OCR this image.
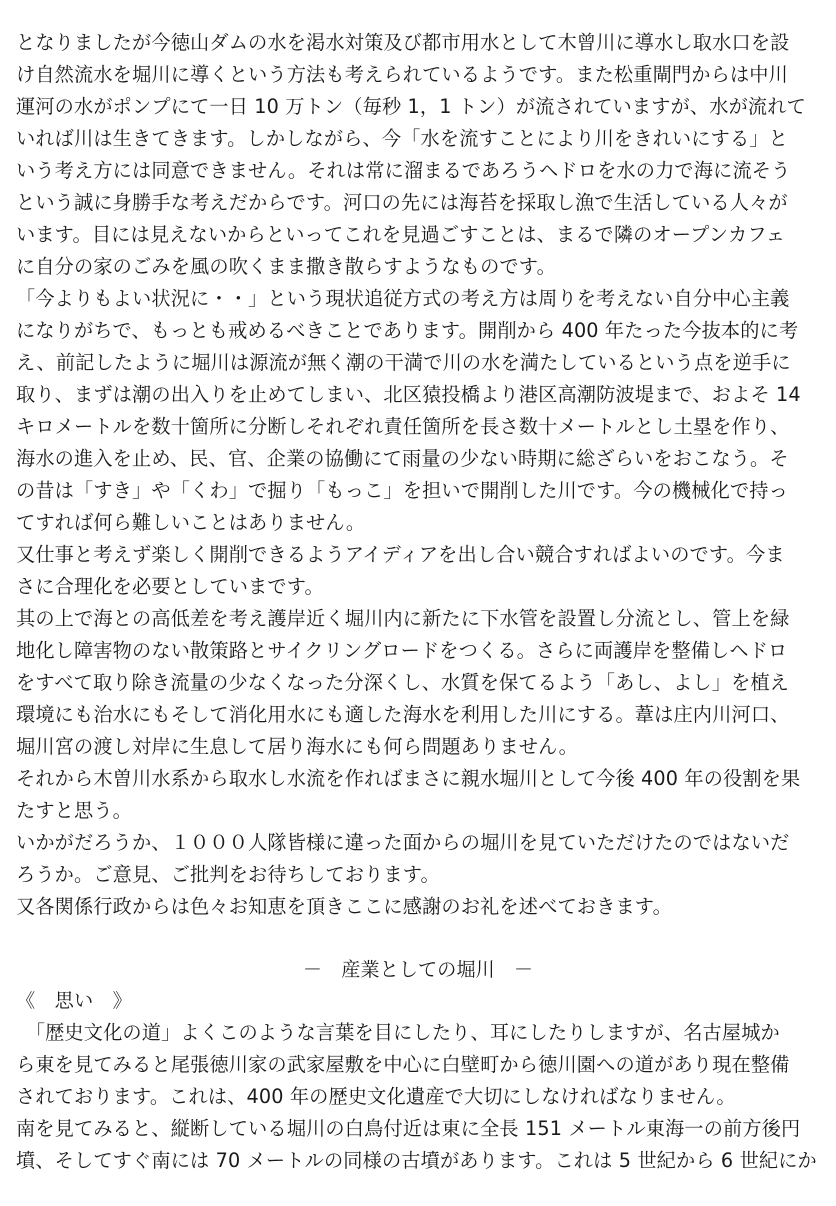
となりましたが今徳山ダムの水を渇水対策及び都市用水として木曾川に導水し取水口を設
け自然流水を堀川に導くという方法も考えられているようです。また松重閘門からは中川
運河の水がポンプにて一日 10 万トン（毎秒 1，1 トン）が流されていますが、水が流れて
いれば川は生きてきます。しかしながら、今「水を流すことにより川をきれいにする」と
いう考え方には同意できません。それは常に溜まるであろうヘドロを水の力で海に流そう
という誠に身勝手な考えだからです。河口の先には海苔を採取し漁で生活している人々が
います。目には見えないからといってこれを見過ごすことは、まるで隣のオープンカフェ
に自分の家のごみを風の吹くまま撒き散らすようなものです。
「今よりもよい状況に・・」という現状追従方式の考え方は周りを考えない自分中心主義
になりがちで、もっとも戒めるべきことであります。開削から 400 年たった今抜本的に考
え、前記したように堀川は源流が無く潮の干満で川の水を満たしているという点を逆手に
取り、まずは潮の出入りを止めてしまい、北区猿投橋より港区高潮防波堤まで、およそ 14
キロメートルを数十箇所に分断しそれぞれ責任箇所を長さ数十メートルとし土塁を作り、
海水の進入を止め、民、官、企業の協働にて雨量の少ない時期に総ざらいをおこなう。そ
の昔は「すき」や「くわ」で掘り「もっこ」を担いで開削した川です。今の機械化で持っ
てすれば何ら難しいことはありません。
又仕事と考えず楽しく開削できるようアイディアを出し合い競合すればよいのです。今ま
さに合理化を必要としていまです。
其の上で海との高低差を考え護岸近く堀川内に新たに下水管を設置し分流とし、管上を緑
地化し障害物のない散策路とサイクリングロードをつくる。さらに両護岸を整備しヘドロ
をすべて取り除き流量の少なくなった分深くし、水質を保てるよう「あし、よし」を植え
環境にも治水にもそして消化用水にも適した海水を利用した川にする。葦は庄内川河口、
堀川宮の渡し対岸に生息して居り海水にも何ら問題ありません。
それから木曽川水系から取水し水流を作ればまさに親水堀川として今後 400 年の役割を果
たすと思う。
いかがだろうか、１０００人隊皆様に違った面からの堀川を見ていただけたのではないだ
ろうか。ご意見、ご批判をお待ちしております。
又各関係行政からは色々お知恵を頂きここに感謝のお礼を述べておきます。
－　産業としての堀川　－
《　思い　》
　「歴史文化の道」よくこのような言葉を目にしたり、耳にしたりしますが、名古屋城か
ら東を見てみると尾張徳川家の武家屋敷を中心に白壁町から徳川園への道があり現在整備
されております。これは、400 年の歴史文化遺産で大切にしなければなりません。
南を見てみると、縦断している堀川の白鳥付近は東に全長 151 メートル東海一の前方後円
墳、そしてすぐ南には 70 メートルの同様の古墳があります。これは 5 世紀から 6 世紀にか
